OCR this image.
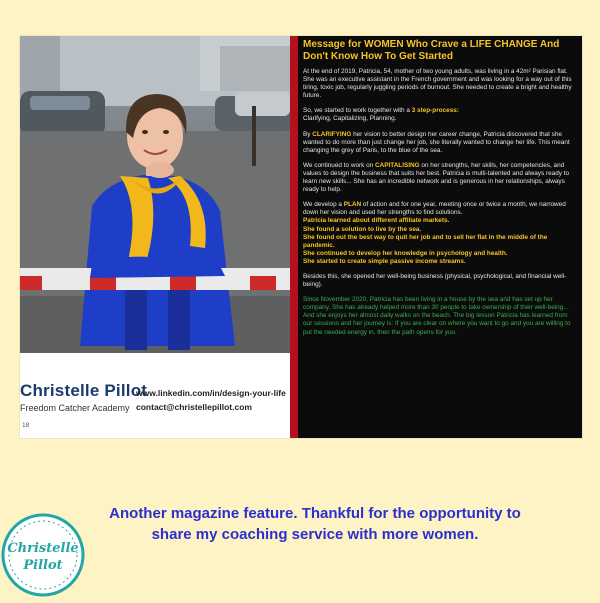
Christelle Pillot
Freedom Catcher Academy
www.linkedin.com/in/design-your-life
contact@christellepillot.com
18
Message for WOMEN Who Crave a LIFE CHANGE And Don't Know How To Get Started

At the end of 2019, Patricia, 54, mother of two young adults, was living in a 42m² Parisian flat. She was an executive assistant in the French government and was looking for a way out of this tiring, toxic job, regularly juggling periods of burnout. She needed to create a bright and healthy future.

So, we started to work together with a 3 step-process:
Clarifying, Capitalizing, Planning.

By CLARIFYING her vision to better design her career change, Patricia discovered that she wanted to do more than just change her job, she literally wanted to change her life. This meant changing the grey of Paris, to the blue of the sea.

We continued to work on CAPITALISING on her strengths, her skills, her competencies, and values to design the business that suits her best. Patricia is multi-talented and always ready to learn new skills... She has an incredible network and is generous in her relationships, always ready to help.

We develop a PLAN of action and for one year, meeting once or twice a month, we narrowed down her vision and used her strengths to find solutions.

Patricia learned about different affiliate markets.
She found a solution to live by the sea.
She found out the best way to quit her job and to sell her flat in the middle of the pandemic.
She continued to develop her knowledge in psychology and health.
She started to create simple passive income streams.

Besides this, she opened her well-being business (physical, psychological, and financial well-being).

Since November 2020, Patricia has been living in a house by the sea and has set up her company. She has already helped more than 30 people to take ownership of their well-being... And she enjoys her almost daily walks on the beach. The big lesson Patricia has learned from our sessions and her journey is: If you are clear on where you want to go and you are willing to put the needed energy in, then the path opens for you.

Christelle
Pillot
Another magazine feature. Thankful for the opportunity to share my coaching service with more women.
